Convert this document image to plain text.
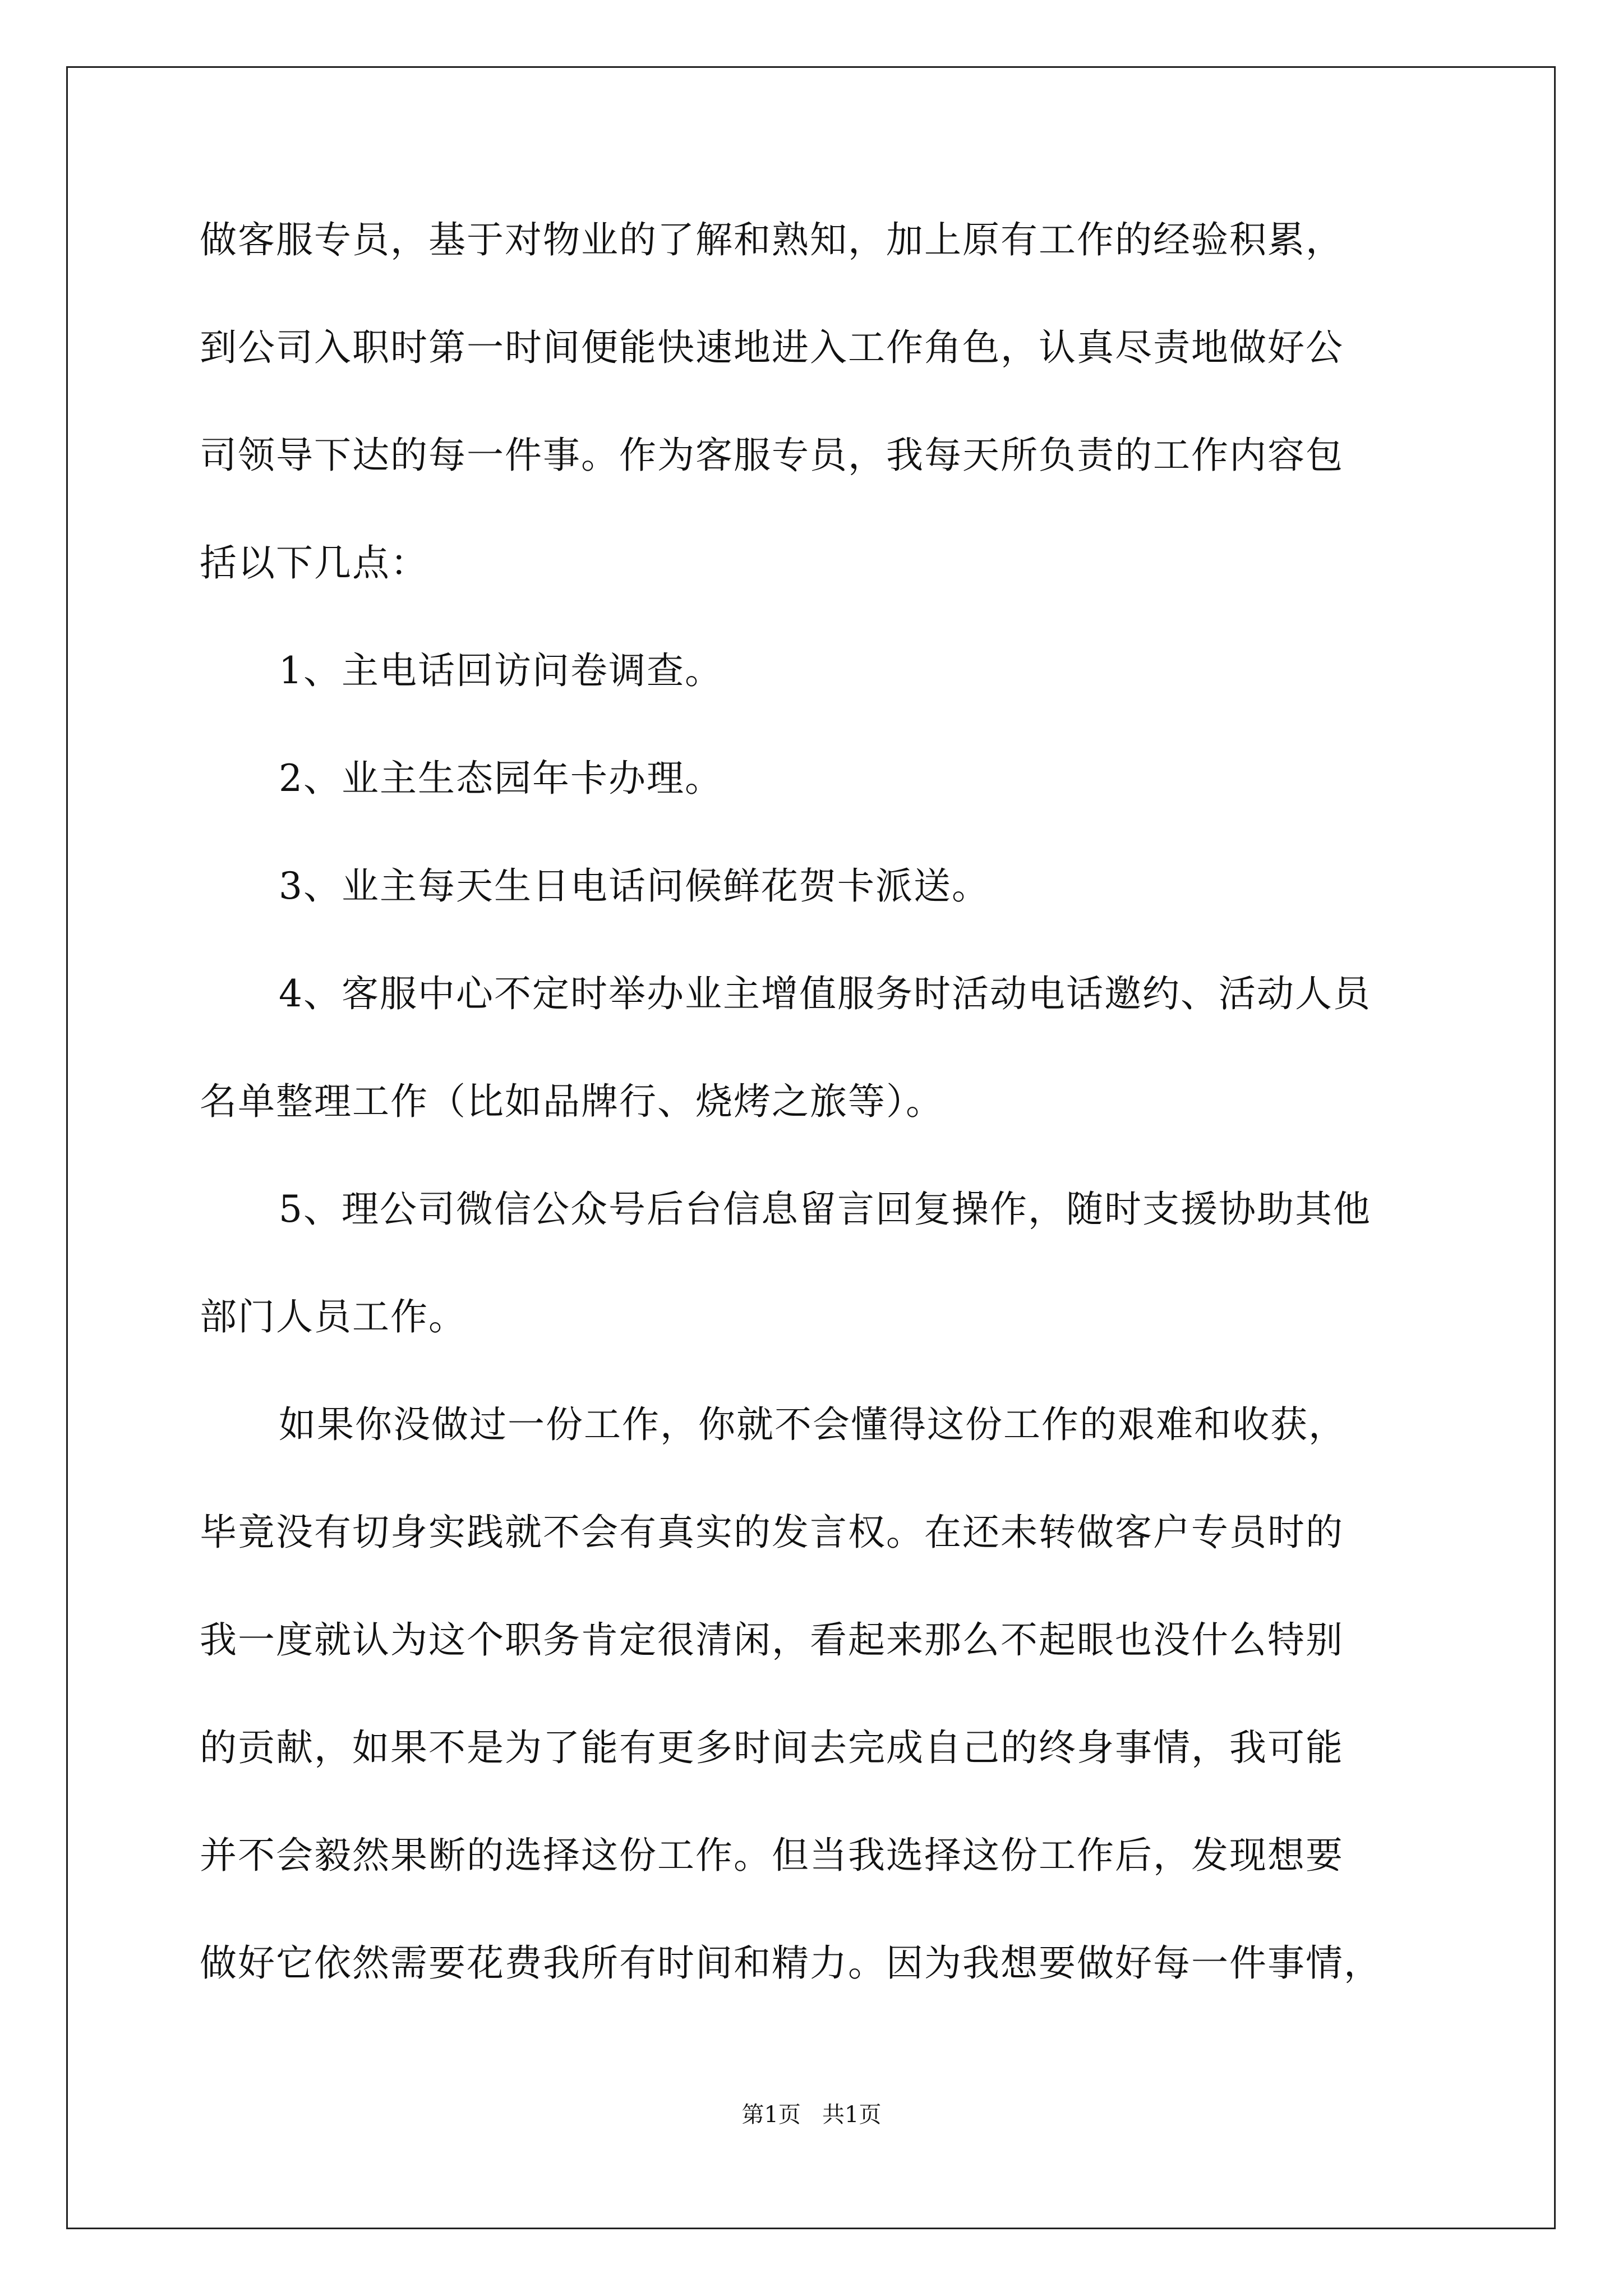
做客服专员，基于对物业的了解和熟知，加上原有工作的经验积累，
到公司入职时第一时间便能快速地进入工作角色，认真尽责地做好公
司领导下达的每一件事。作为客服专员，我每天所负责的工作内容包
括以下几点：
1、主电话回访问卷调查。
2、业主生态园年卡办理。
3、业主每天生日电话问候鲜花贺卡派送。
4、客服中心不定时举办业主增值服务时活动电话邀约、活动人员
名单整理工作（比如品牌行、烧烤之旅等）。
5、理公司微信公众号后台信息留言回复操作，随时支援协助其他
部门人员工作。
如果你没做过一份工作，你就不会懂得这份工作的艰难和收获，
毕竟没有切身实践就不会有真实的发言权。在还未转做客户专员时的
我一度就认为这个职务肯定很清闲，看起来那么不起眼也没什么特别
的贡献，如果不是为了能有更多时间去完成自己的终身事情，我可能
并不会毅然果断的选择这份工作。但当我选择这份工作后，发现想要
做好它依然需要花费我所有时间和精力。因为我想要做好每一件事情，
第1页   共1页
